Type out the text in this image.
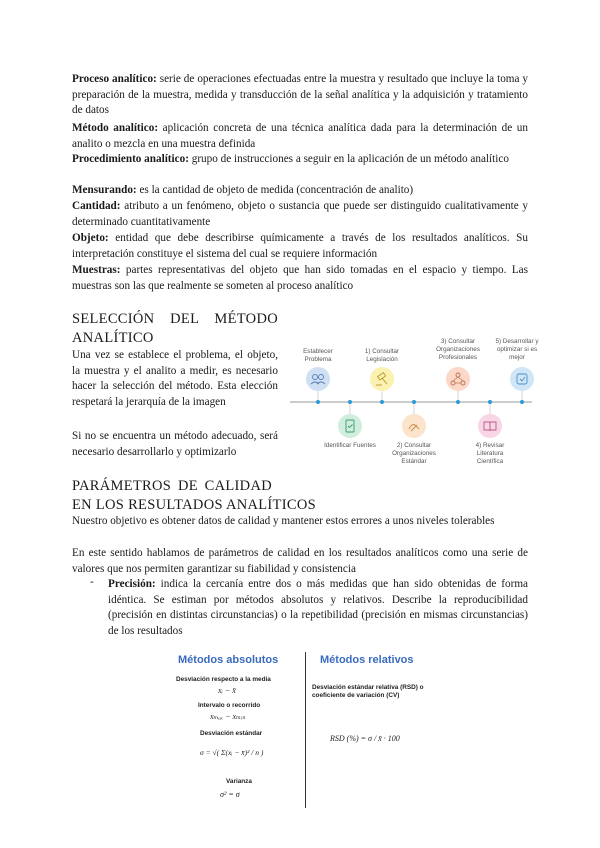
Proceso analítico: serie de operaciones efectuadas entre la muestra y resultado que incluye la toma y preparación de la muestra, medida y transducción de la señal analítica y la adquisición y tratamiento de datos

Método analítico: aplicación concreta de una técnica analítica dada para la determinación de un analito o mezcla en una muestra definida

Procedimiento analítico: grupo de instrucciones a seguir en la aplicación de un método analítico

Mensurando: es la cantidad de objeto de medida (concentración de analito)

Cantidad: atributo a un fenómeno, objeto o sustancia que puede ser distinguido cualitativamente y determinado cuantitativamente

Objeto: entidad que debe describirse químicamente a través de los resultados analíticos. Su interpretación constituye el sistema del cual se requiere información

Muestras: partes representativas del objeto que han sido tomadas en el espacio y tiempo. Las muestras son las que realmente se someten al proceso analítico

SELECCIÓN DEL MÉTODO
ANALÍTICO

Una vez se establece el problema, el objeto, la muestra y el analito a medir, es necesario hacer la selección del método. Esta elección respetará la jerarquía de la imagen

Si no se encuentra un método adecuado, será necesario desarrollarlo y optimizarlo

Establecer Problema
1) Consultar Legislación
3) Consultar Organizaciones Profesionales
5) Desarrollar y optimizar si es mejor
Identificar Fuentes	2) Consultar Organizaciones Estándar
4) Revisar Literatura Científica
PARÁMETROS DE CALIDAD
EN LOS RESULTADOS ANALÍTICOS

Nuestro objetivo es obtener datos de calidad y mantener estos errores a unos niveles tolerables

En este sentido hablamos de parámetros de calidad en los resultados analíticos como una serie de valores que nos permiten garantizar su fiabilidad y consistencia

- Precisión: indica la cercanía entre dos o más medidas que han sido obtenidas de forma idéntica. Se estiman por métodos absolutos y relativos. Describe la reproducibilidad (precisión en distintas circunstancias) o la repetibilidad (precisión en mismas circunstancias) de los resultados

Métodos absolutos	Métodos relativos
Desviación respecto a la media
xᵢ − x̄
Intervalo o recorrido
xₘₐₓ − xₘᵢₙ
Desviación estándar
σ = √( Σ(xᵢ − x̄)² / n )
Varianza
σ² = σ
Desviación estándar relativa (RSD) o coeficiente de variación (CV)
RSD (%) = σ / x̄ · 100
